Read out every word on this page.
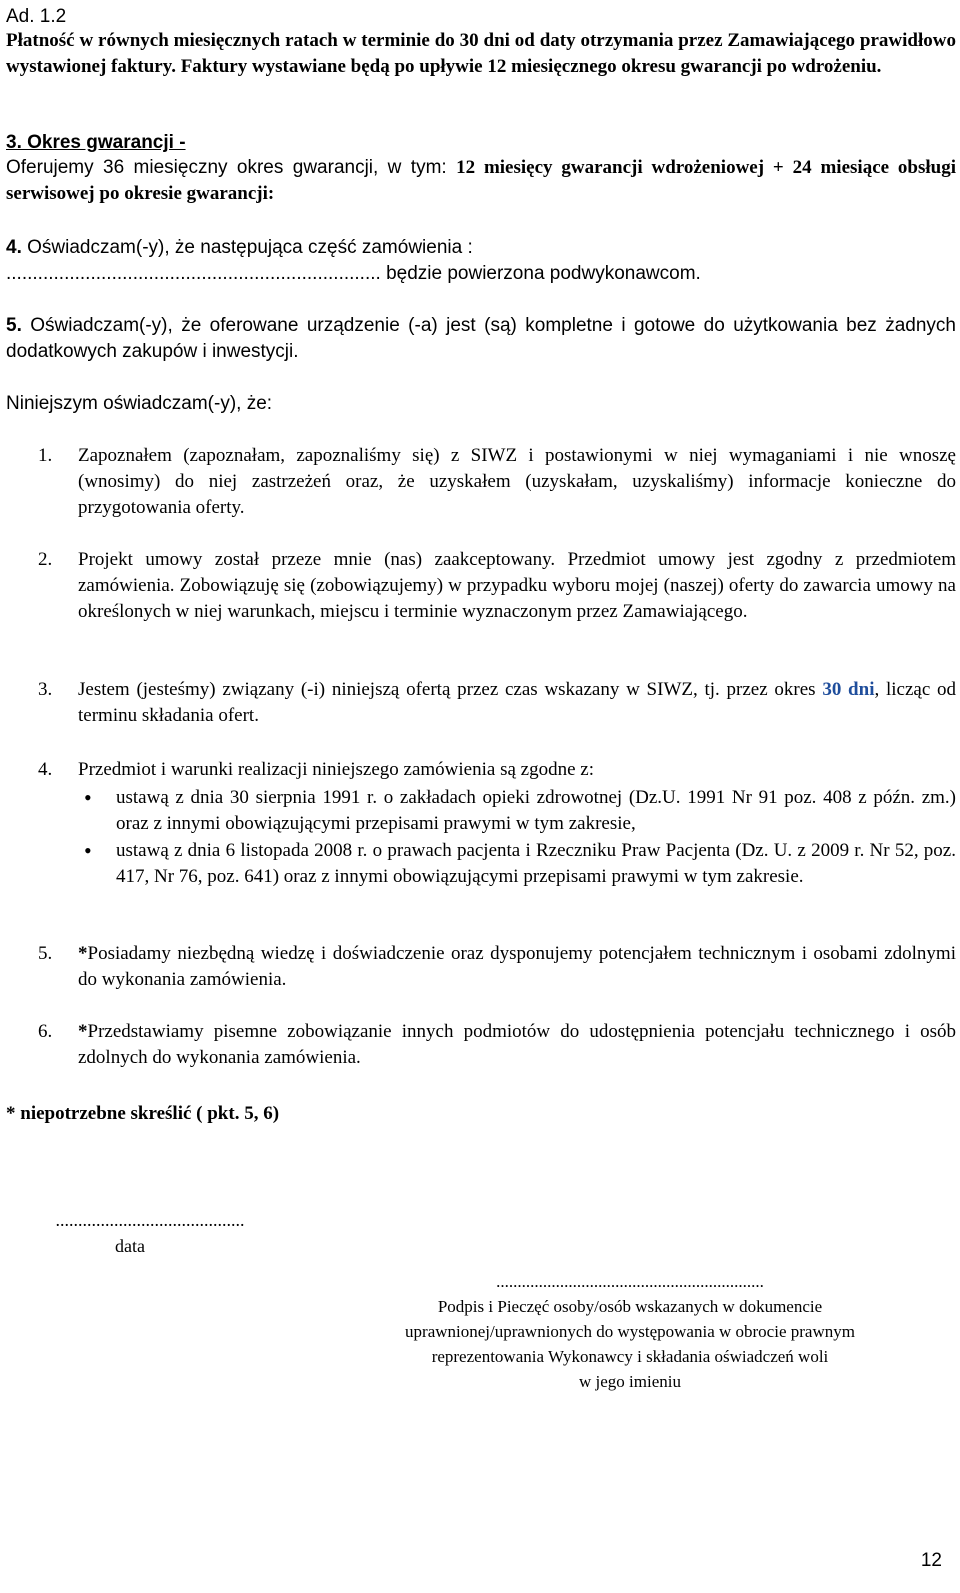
Ad. 1.2
Płatność w równych miesięcznych ratach w terminie do 30 dni od daty otrzymania przez Zamawiającego prawidłowo wystawionej faktury. Faktury wystawiane będą po upływie 12 miesięcznego okresu gwarancji po wdrożeniu.
3. Okres gwarancji -
Oferujemy 36 miesięczny okres gwarancji, w tym: 12 miesięcy gwarancji wdrożeniowej + 24 miesiące obsługi serwisowej po okresie gwarancji:
4. Oświadczam(-y), że następująca część zamówienia :
....................................................................... będzie powierzona podwykonawcom.
5. Oświadczam(-y), że oferowane urządzenie (-a) jest (są) kompletne i gotowe do użytkowania bez żadnych dodatkowych zakupów i inwestycji.
Niniejszym oświadczam(-y), że:
1. Zapoznałem (zapoznałam, zapoznaliśmy się) z SIWZ i postawionymi w niej wymaganiami i nie wnoszę (wnosimy) do niej zastrzeżeń oraz, że uzyskałem (uzyskałam, uzyskaliśmy) informacje konieczne do przygotowania oferty.
2. Projekt umowy został przeze mnie (nas) zaakceptowany. Przedmiot umowy jest zgodny z przedmiotem zamówienia. Zobowiązuję się (zobowiązujemy) w przypadku wyboru mojej (naszej) oferty do zawarcia umowy na określonych w niej warunkach, miejscu i terminie wyznaczonym przez Zamawiającego.
3. Jestem (jesteśmy) związany (-i) niniejszą ofertą przez czas wskazany w SIWZ, tj. przez okres 30 dni, licząc od terminu składania ofert.
4. Przedmiot i warunki realizacji niniejszego zamówienia są zgodne z:
• ustawą z dnia 30 sierpnia 1991 r. o zakładach opieki zdrowotnej (Dz.U. 1991 Nr 91 poz. 408 z późn. zm.) oraz z innymi obowiązującymi przepisami prawymi w tym zakresie,
• ustawą z dnia 6 listopada 2008 r. o prawach pacjenta i Rzeczniku Praw Pacjenta (Dz. U. z 2009 r. Nr 52, poz. 417, Nr 76, poz. 641) oraz z innymi obowiązującymi przepisami prawymi w tym zakresie.
5. *Posiadamy niezbędną wiedzę i doświadczenie oraz dysponujemy potencjałem technicznym i osobami zdolnymi do wykonania zamówienia.
6. *Przedstawiamy pisemne zobowiązanie innych podmiotów do udostępnienia potencjału technicznego i osób zdolnych do wykonania zamówienia.
* niepotrzebne skreślić ( pkt. 5, 6)
..........................................
data
...............................................................
Podpis i Pieczęć osoby/osób wskazanych w dokumencie
uprawnionej/uprawnionych do występowania w obrocie prawnym
reprezentowania Wykonawcy i składania oświadczeń woli
w jego imieniu
12
